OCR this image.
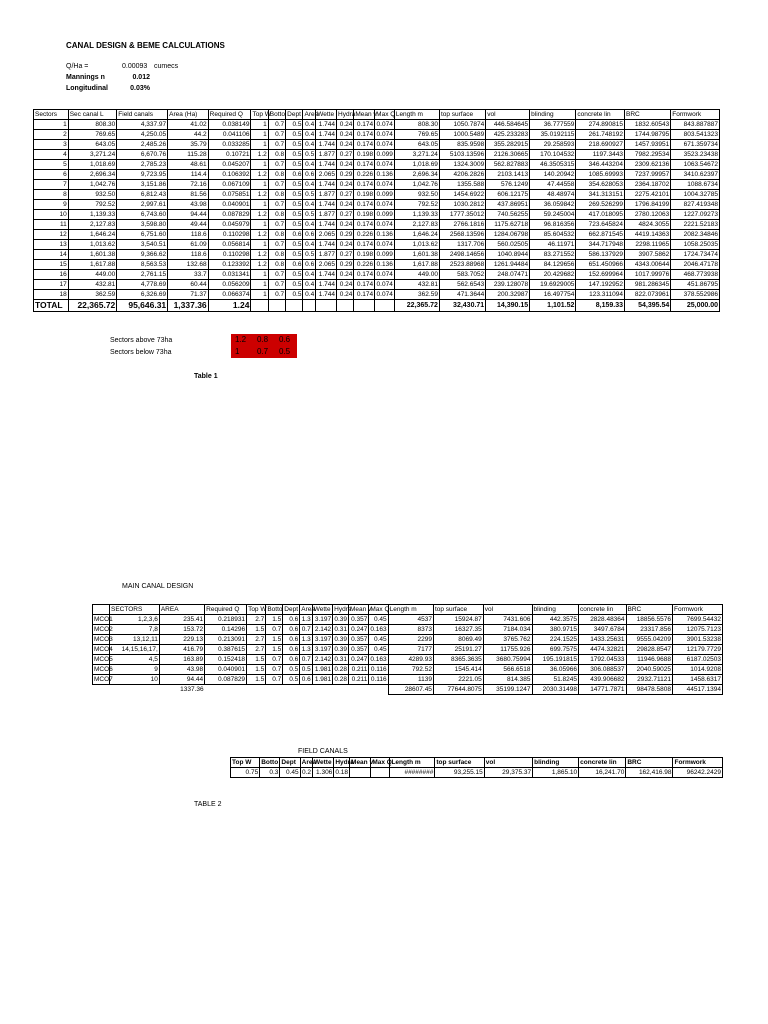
CANAL DESIGN & BEME CALCULATIONS
Q/Ha =	0.00093 cumecs
Mannings n	0.012
Longitudinal	0.03%
Sectors	Sec canal L	Field canals	Area (Ha)	Required Q	Top W	Botto	Dept	Area	Wette	Hydra	Mean v	Max Q	Length m	top surface	vol	blinding	concrete lin	BRC	Formwork
1	808.30	4,337.97	41.02	0.038149	1	0.7	0.5	0.4	1.744	0.24	0.174	0.074	808.30	1050.7874	446.584645	36.777559	274.890815	1832.60543	843.887887
2	769.65	4,250.05	44.2	0.041106	1	0.7	0.5	0.4	1.744	0.24	0.174	0.074	769.65	1000.5489	425.233283	35.0192115	261.748192	1744.98795	803.541323
3	643.05	2,485.26	35.79	0.033285	1	0.7	0.5	0.4	1.744	0.24	0.174	0.074	643.05	835.9598	355.282915	29.258593	218.690927	1457.93951	671.359734
4	3,271.24	6,670.76	115.28	0.10721	1.2	0.8	0.5	0.5	1.877	0.27	0.198	0.099	3,271.24	5103.13596	2126.30665	170.104532	1197.3443	7982.29534	3523.23438
5	1,018.69	2,785.23	48.61	0.045207	1	0.7	0.5	0.4	1.744	0.24	0.174	0.074	1,018.69	1324.3009	562.827883	46.3505315	346.443204	2309.62136	1063.54672
6	2,696.34	9,723.95	114.4	0.106392	1.2	0.8	0.6	0.6	2.065	0.29	0.226	0.136	2,696.34	4206.2826	2103.1413	140.20942	1085.69993	7237.99957	3410.62397
7	1,042.76	3,151.86	72.16	0.067109	1	0.7	0.5	0.4	1.744	0.24	0.174	0.074	1,042.76	1355.588	576.1249	47.44558	354.628053	2364.18702	1088.6734
8	932.50	6,812.43	81.56	0.075851	1.2	0.8	0.5	0.5	1.877	0.27	0.198	0.099	932.50	1454.6922	606.12175	48.48974	341.313151	2275.42101	1004.32785
9	792.52	2,997.61	43.98	0.040901	1	0.7	0.5	0.4	1.744	0.24	0.174	0.074	792.52	1030.2812	437.86951	36.059842	269.526299	1796.84199	827.419348
10	1,139.33	6,743.60	94.44	0.087829	1.2	0.8	0.5	0.5	1.877	0.27	0.198	0.099	1,139.33	1777.35012	740.56255	59.245004	417.018095	2780.12063	1227.09273
11	2,127.83	3,598.80	49.44	0.045979	1	0.7	0.5	0.4	1.744	0.24	0.174	0.074	2,127.83	2766.1816	1175.62718	96.816356	723.645824	4824.3055	2221.52183
12	1,646.24	6,751.60	118.6	0.110298	1.2	0.8	0.6	0.6	2.065	0.29	0.226	0.136	1,646.24	2568.13596	1284.06798	85.604532	662.871545	4419.14363	2082.34846
13	1,013.62	3,540.51	61.09	0.056814	1	0.7	0.5	0.4	1.744	0.24	0.174	0.074	1,013.62	1317.706	560.02505	46.11971	344.717948	2298.11965	1058.25035
14	1,601.38	9,366.62	118.6	0.110298	1.2	0.8	0.5	0.5	1.877	0.27	0.198	0.099	1,601.38	2498.14656	1040.8944	83.271552	586.137929	3907.5862	1724.73474
15	1,617.88	8,563.53	132.68	0.123392	1.2	0.8	0.6	0.6	2.065	0.29	0.226	0.136	1,617.88	2523.88968	1261.94484	84.129656	651.450966	4343.00644	2046.47178
16	449.00	2,761.15	33.7	0.031341	1	0.7	0.5	0.4	1.744	0.24	0.174	0.074	449.00	583.7052	248.07471	20.429682	152.699964	1017.99976	468.773938
17	432.81	4,778.69	60.44	0.056209	1	0.7	0.5	0.4	1.744	0.24	0.174	0.074	432.81	562.6543	239.128078	19.6929005	147.192952	981.286345	451.86795
18	362.59	6,326.69	71.37	0.066374	1	0.7	0.5	0.4	1.744	0.24	0.174	0.074	362.59	471.3644	200.32987	16.497754	123.311094	822.073961	378.552986
TOTAL	22,365.72	95,646.31	1,337.36	1.24									22,365.72	32,430.71	14,390.15	1,101.52	8,159.33	54,395.54	25,000.00
Sectors above 73ha	1.2 0.8 0.6
Sectors below 73ha	1 0.7 0.5
Table 1
MAIN CANAL DESIGN
	SECTORS	AREA	Required Q	Top W	Botto	Dept	Area	Wette	Hydra	Mean v	Max Q	Length m	top surface	vol	blinding	concrete lin	BRC	Formwork
MCO1	1,2,3,6	235.41	0.218931	2.7	1.5	0.6	1.3	3.197	0.39	0.357	0.45	4537	15924.87	7431.606	442.3575	2828.48364	18856.5576	7699.54432
MCO2	7,8	153.72	0.14296	1.5	0.7	0.6	0.7	2.142	0.31	0.247	0.163	8373	16327.35	7184.034	380.9715	3497.6784	23317.856	12075.7123
MCO3	13,12,11	229.13	0.213091	2.7	1.5	0.6	1.3	3.197	0.39	0.357	0.45	2299	8069.49	3765.762	224.1525	1433.25631	9555.04209	3901.53238
MCO4	14,15,16,17,	416.79	0.387615	2.7	1.5	0.6	1.3	3.197	0.39	0.357	0.45	7177	25191.27	11755.926	699.7575	4474.32821	29828.8547	12179.7729
MCO5	4,5	163.89	0.152418	1.5	0.7	0.6	0.7	2.142	0.31	0.247	0.163	4289.93	8365.3635	3680.75994	195.191815	1792.04533	11946.9688	6187.02503
MCO6	9	43.98	0.040901	1.5	0.7	0.5	0.5	1.981	0.28	0.211	0.116	792.52	1545.414	566.6518	36.05966	306.088537	2040.59025	1014.9208
MCO7	10	94.44	0.087829	1.5	0.7	0.5	0.6	1.981	0.28	0.211	0.116	1139	2221.05	814.385	51.8245	439.906682	2932.71121	1458.6317
		1337.36										28607.45	77644.8075	35199.1247	2030.31498	14771.7871	98478.5808	44517.1394
FIELD CANALS
Top W	Botto	Dept	Area	Wette	Hydra	Mean v	Max Q	Length m	top surface	vol	blinding	concrete lin	BRC	Formwork
0.75	0.3	0.45	0.2	1.306	0.18			########	93,255.15	29,375.37	1,865.10	16,241.70	162,416.98	96242.2429
TABLE 2
